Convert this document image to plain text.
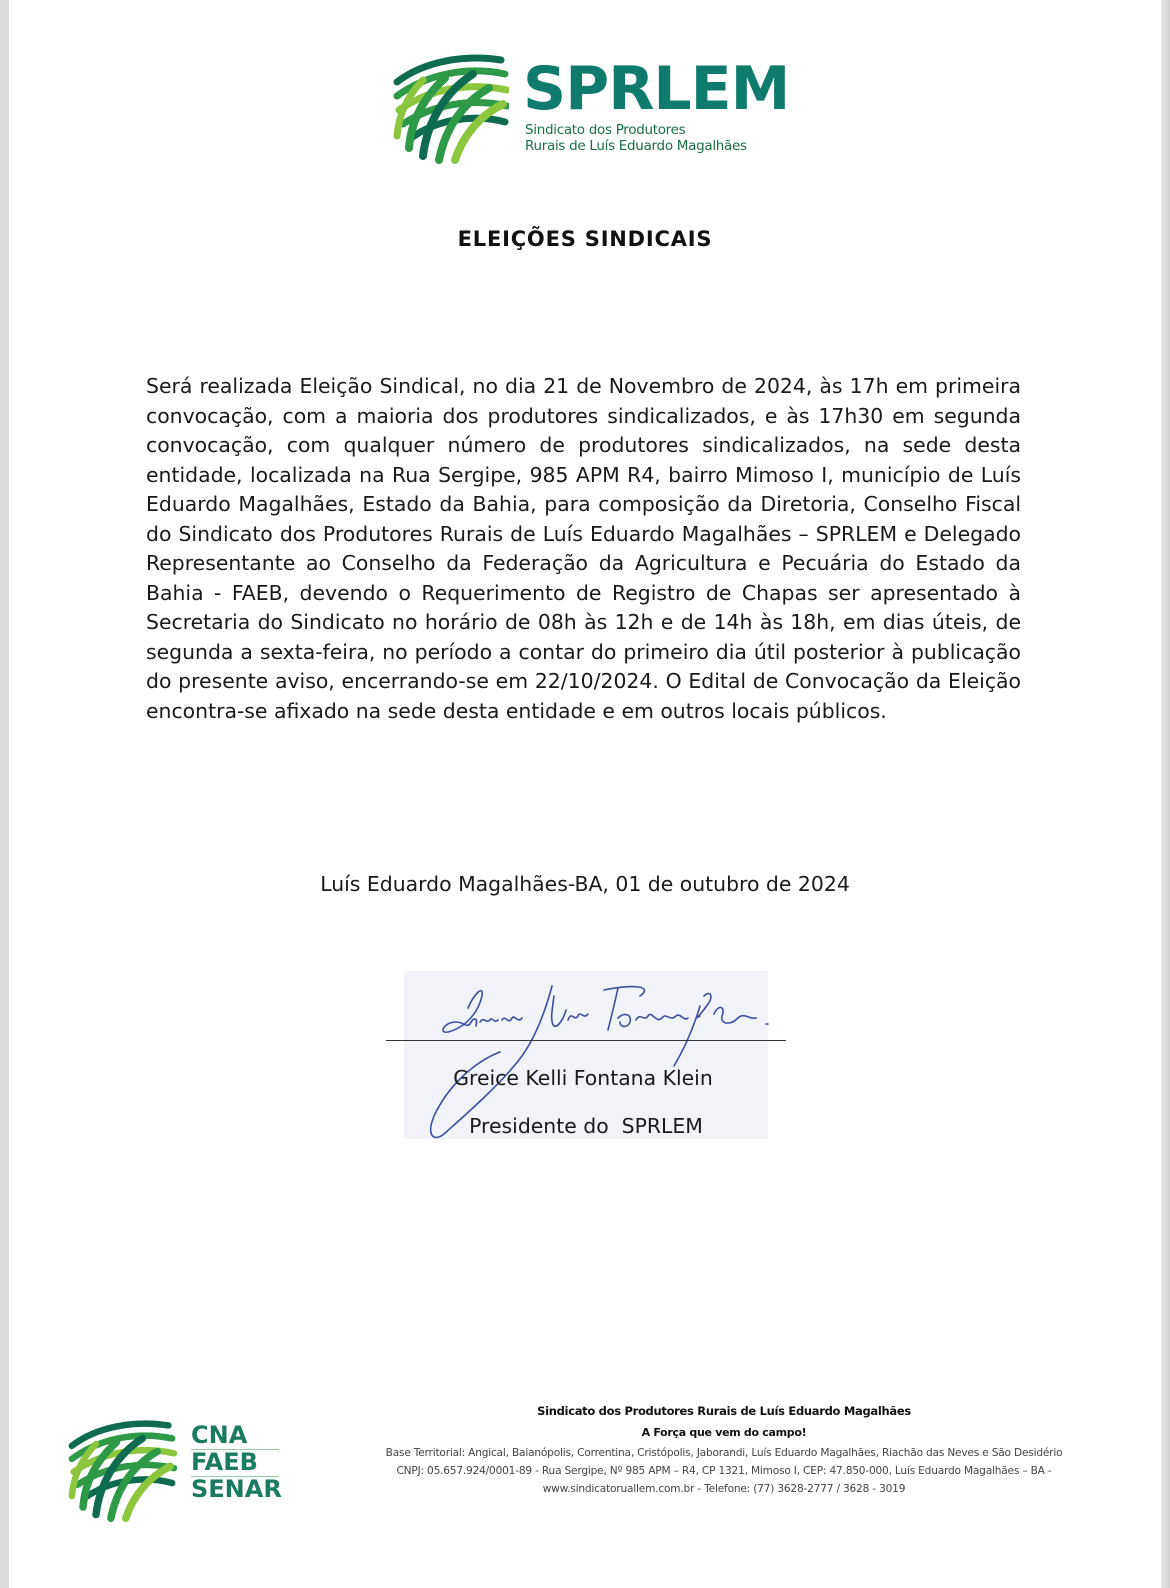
SPRLEM
Sindicato dos Produtores
Rurais de Luís Eduardo Magalhães
ELEIÇÕES SINDICAIS

Será realizada Eleição Sindical, no dia 21 de Novembro de 2024, às 17h em primeira convocação, com a maioria dos produtores sindicalizados, e às 17h30 em segunda convocação, com qualquer número de produtores sindicalizados, na sede desta entidade, localizada na Rua Sergipe, 985 APM R4, bairro Mimoso I, município de Luís Eduardo Magalhães, Estado da Bahia, para composição da Diretoria, Conselho Fiscal do Sindicato dos Produtores Rurais de Luís Eduardo Magalhães – SPRLEM e Delegado Representante ao Conselho da Federação da Agricultura e Pecuária do Estado da Bahia - FAEB, devendo o Requerimento de Registro de Chapas ser apresentado à Secretaria do Sindicato no horário de 08h às 12h e de 14h às 18h, em dias úteis, de segunda a sexta-feira, no período a contar do primeiro dia útil posterior à publicação do presente aviso, encerrando-se em 22/10/2024. O Edital de Convocação da Eleição encontra-se afixado na sede desta entidade e em outros locais públicos.

Luís Eduardo Magalhães-BA, 01 de outubro de 2024
Greice Kelli Fontana Klein
Presidente do  SPRLEM
CNA
FAEB
SENAR
Sindicato dos Produtores Rurais de Luís Eduardo Magalhães
A Força que vem do campo!
Base Territorial: Angical, Baianópolis, Correntina, Cristópolis, Jaborandi, Luís Eduardo Magalhães, Riachão das Neves e São Desidério
CNPJ: 05.657.924/0001-89 - Rua Sergipe, Nº 985 APM – R4, CP 1321, Mimoso I, CEP: 47.850-000, Luís Eduardo Magalhães – BA -
www.sindicatoruallem.com.br - Telefone: (77) 3628-2777 / 3628 - 3019
